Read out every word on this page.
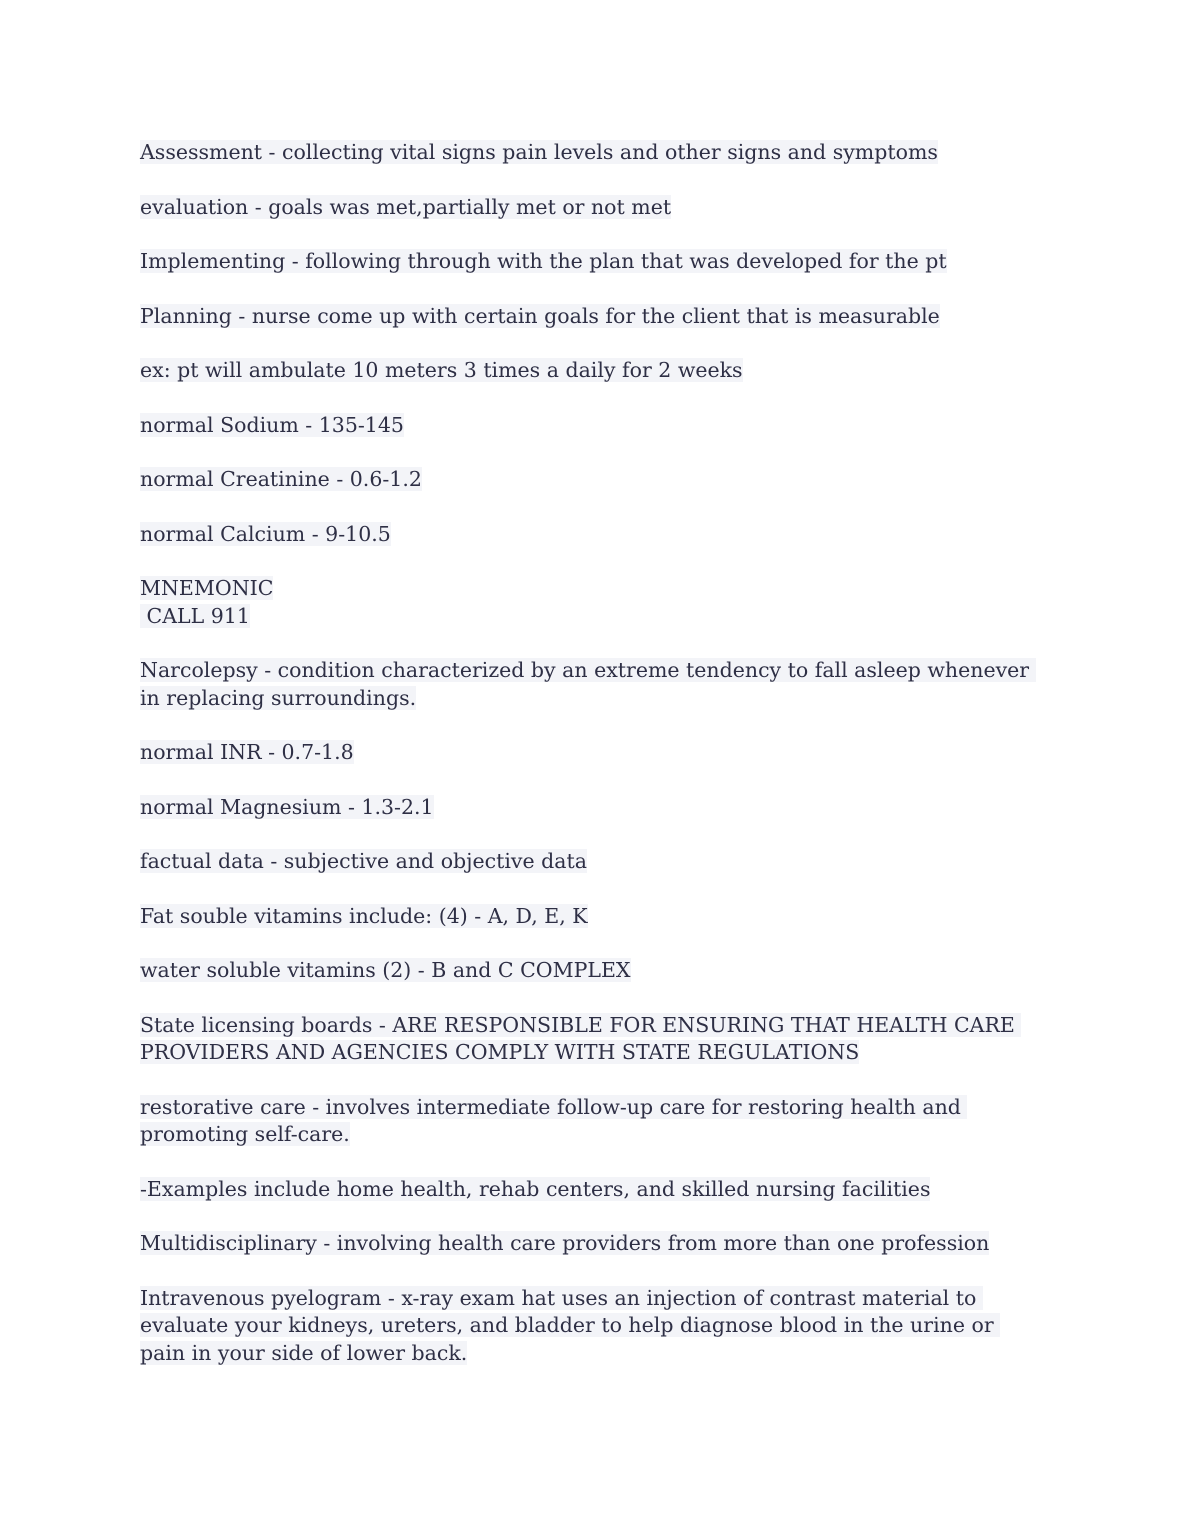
Assessment - collecting vital signs pain levels and other signs and symptoms
evaluation - goals was met,partially met or not met
Implementing - following through with the plan that was developed for the pt
Planning - nurse come up with certain goals for the client that is measurable
ex: pt will ambulate 10 meters 3 times a daily for 2 weeks
normal Sodium - 135-145
normal Creatinine - 0.6-1.2
normal Calcium - 9-10.5
MNEMONIC
CALL 911
Narcolepsy - condition characterized by an extreme tendency to fall asleep whenever in replacing surroundings.
normal INR - 0.7-1.8
normal Magnesium - 1.3-2.1
factual data - subjective and objective data
Fat souble vitamins include: (4) - A, D, E, K
water soluble vitamins (2) - B and C COMPLEX
State licensing boards - ARE RESPONSIBLE FOR ENSURING THAT HEALTH CARE PROVIDERS AND AGENCIES COMPLY WITH STATE REGULATIONS
restorative care - involves intermediate follow-up care for restoring health and promoting self-care.
-Examples include home health, rehab centers, and skilled nursing facilities
Multidisciplinary - involving health care providers from more than one profession
Intravenous pyelogram - x-ray exam hat uses an injection of contrast material to evaluate your kidneys, ureters, and bladder to help diagnose blood in the urine or pain in your side of lower back.
